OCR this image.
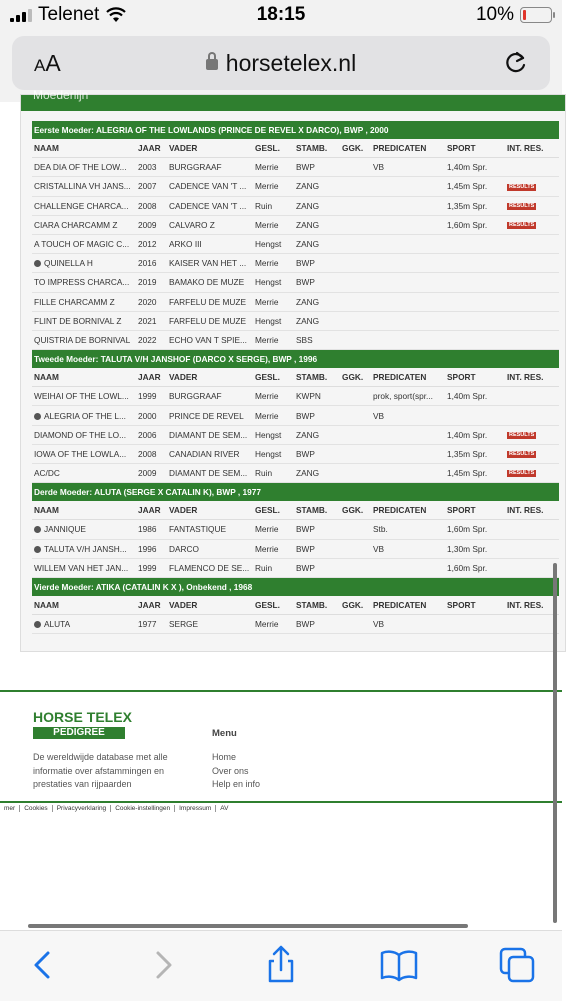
Telenet	18:15	10%
AA	horsetelex.nl
Moederlijn
Eerste Moeder: ALEGRIA OF THE LOWLANDS (PRINCE DE REVEL X DARCO), BWP , 2000								
NAAM	JAAR	VADER	GESL.	STAMB.	GGK.	PREDICATEN	SPORT	INT. RES.
DEA DIA OF THE LOW...	2003	BURGGRAAF	Merrie	BWP		VB	1,40m Spr.	
CRISTALLINA VH JANS...	2007	CADENCE VAN 'T ...	Merrie	ZANG			1,45m Spr.	RESULTS
CHALLENGE CHARCA...	2008	CADENCE VAN 'T ...	Ruin	ZANG			1,35m Spr.	RESULTS
CIARA CHARCAMM Z	2009	CALVARO Z	Merrie	ZANG			1,60m Spr.	RESULTS
A TOUCH OF MAGIC C...	2012	ARKO III	Hengst	ZANG				
QUINELLA H	2016	KAISER VAN HET ...	Merrie	BWP				
TO IMPRESS CHARCA...	2019	BAMAKO DE MUZE	Hengst	BWP				
FILLE CHARCAMM Z	2020	FARFELU DE MUZE	Merrie	ZANG				
FLINT DE BORNIVAL Z	2021	FARFELU DE MUZE	Hengst	ZANG				
QUISTRIA DE BORNIVAL	2022	ECHO VAN T SPIE...	Merrie	SBS				
Tweede Moeder: TALUTA V/H JANSHOF (DARCO X SERGE), BWP , 1996								
NAAM	JAAR	VADER	GESL.	STAMB.	GGK.	PREDICATEN	SPORT	INT. RES.
WEIHAI OF THE LOWL...	1999	BURGGRAAF	Merrie	KWPN		prok, sport(spr...	1,40m Spr.	
ALEGRIA OF THE L...	2000	PRINCE DE REVEL	Merrie	BWP		VB		
DIAMOND OF THE LO...	2006	DIAMANT DE SEM...	Hengst	ZANG			1,40m Spr.	RESULTS
IOWA OF THE LOWLA...	2008	CANADIAN RIVER	Hengst	BWP			1,35m Spr.	RESULTS
AC/DC	2009	DIAMANT DE SEM...	Ruin	ZANG			1,45m Spr.	RESULTS
Derde Moeder: ALUTA (SERGE X CATALIN K), BWP , 1977								
NAAM	JAAR	VADER	GESL.	STAMB.	GGK.	PREDICATEN	SPORT	INT. RES.
JANNIQUE	1986	FANTASTIQUE	Merrie	BWP		Stb.	1,60m Spr.	
TALUTA V/H JANSH...	1996	DARCO	Merrie	BWP		VB	1,30m Spr.	
WILLEM VAN HET JAN...	1999	FLAMENCO DE SE...	Ruin	BWP			1,60m Spr.	
Vierde Moeder: ATIKA (CATALIN K X ), Onbekend , 1968								
NAAM	JAAR	VADER	GESL.	STAMB.	GGK.	PREDICATEN	SPORT	INT. RES.
ALUTA	1977	SERGE	Merrie	BWP		VB		
HORSE TELEX
PEDIGREE
De wereldwijde database met alle informatie over afstammingen en prestaties van rijpaarden
Menu
Home
Over ons
Help en info
mer Cookies Privacyverklaring Cookie-instellingen Impressum AV
